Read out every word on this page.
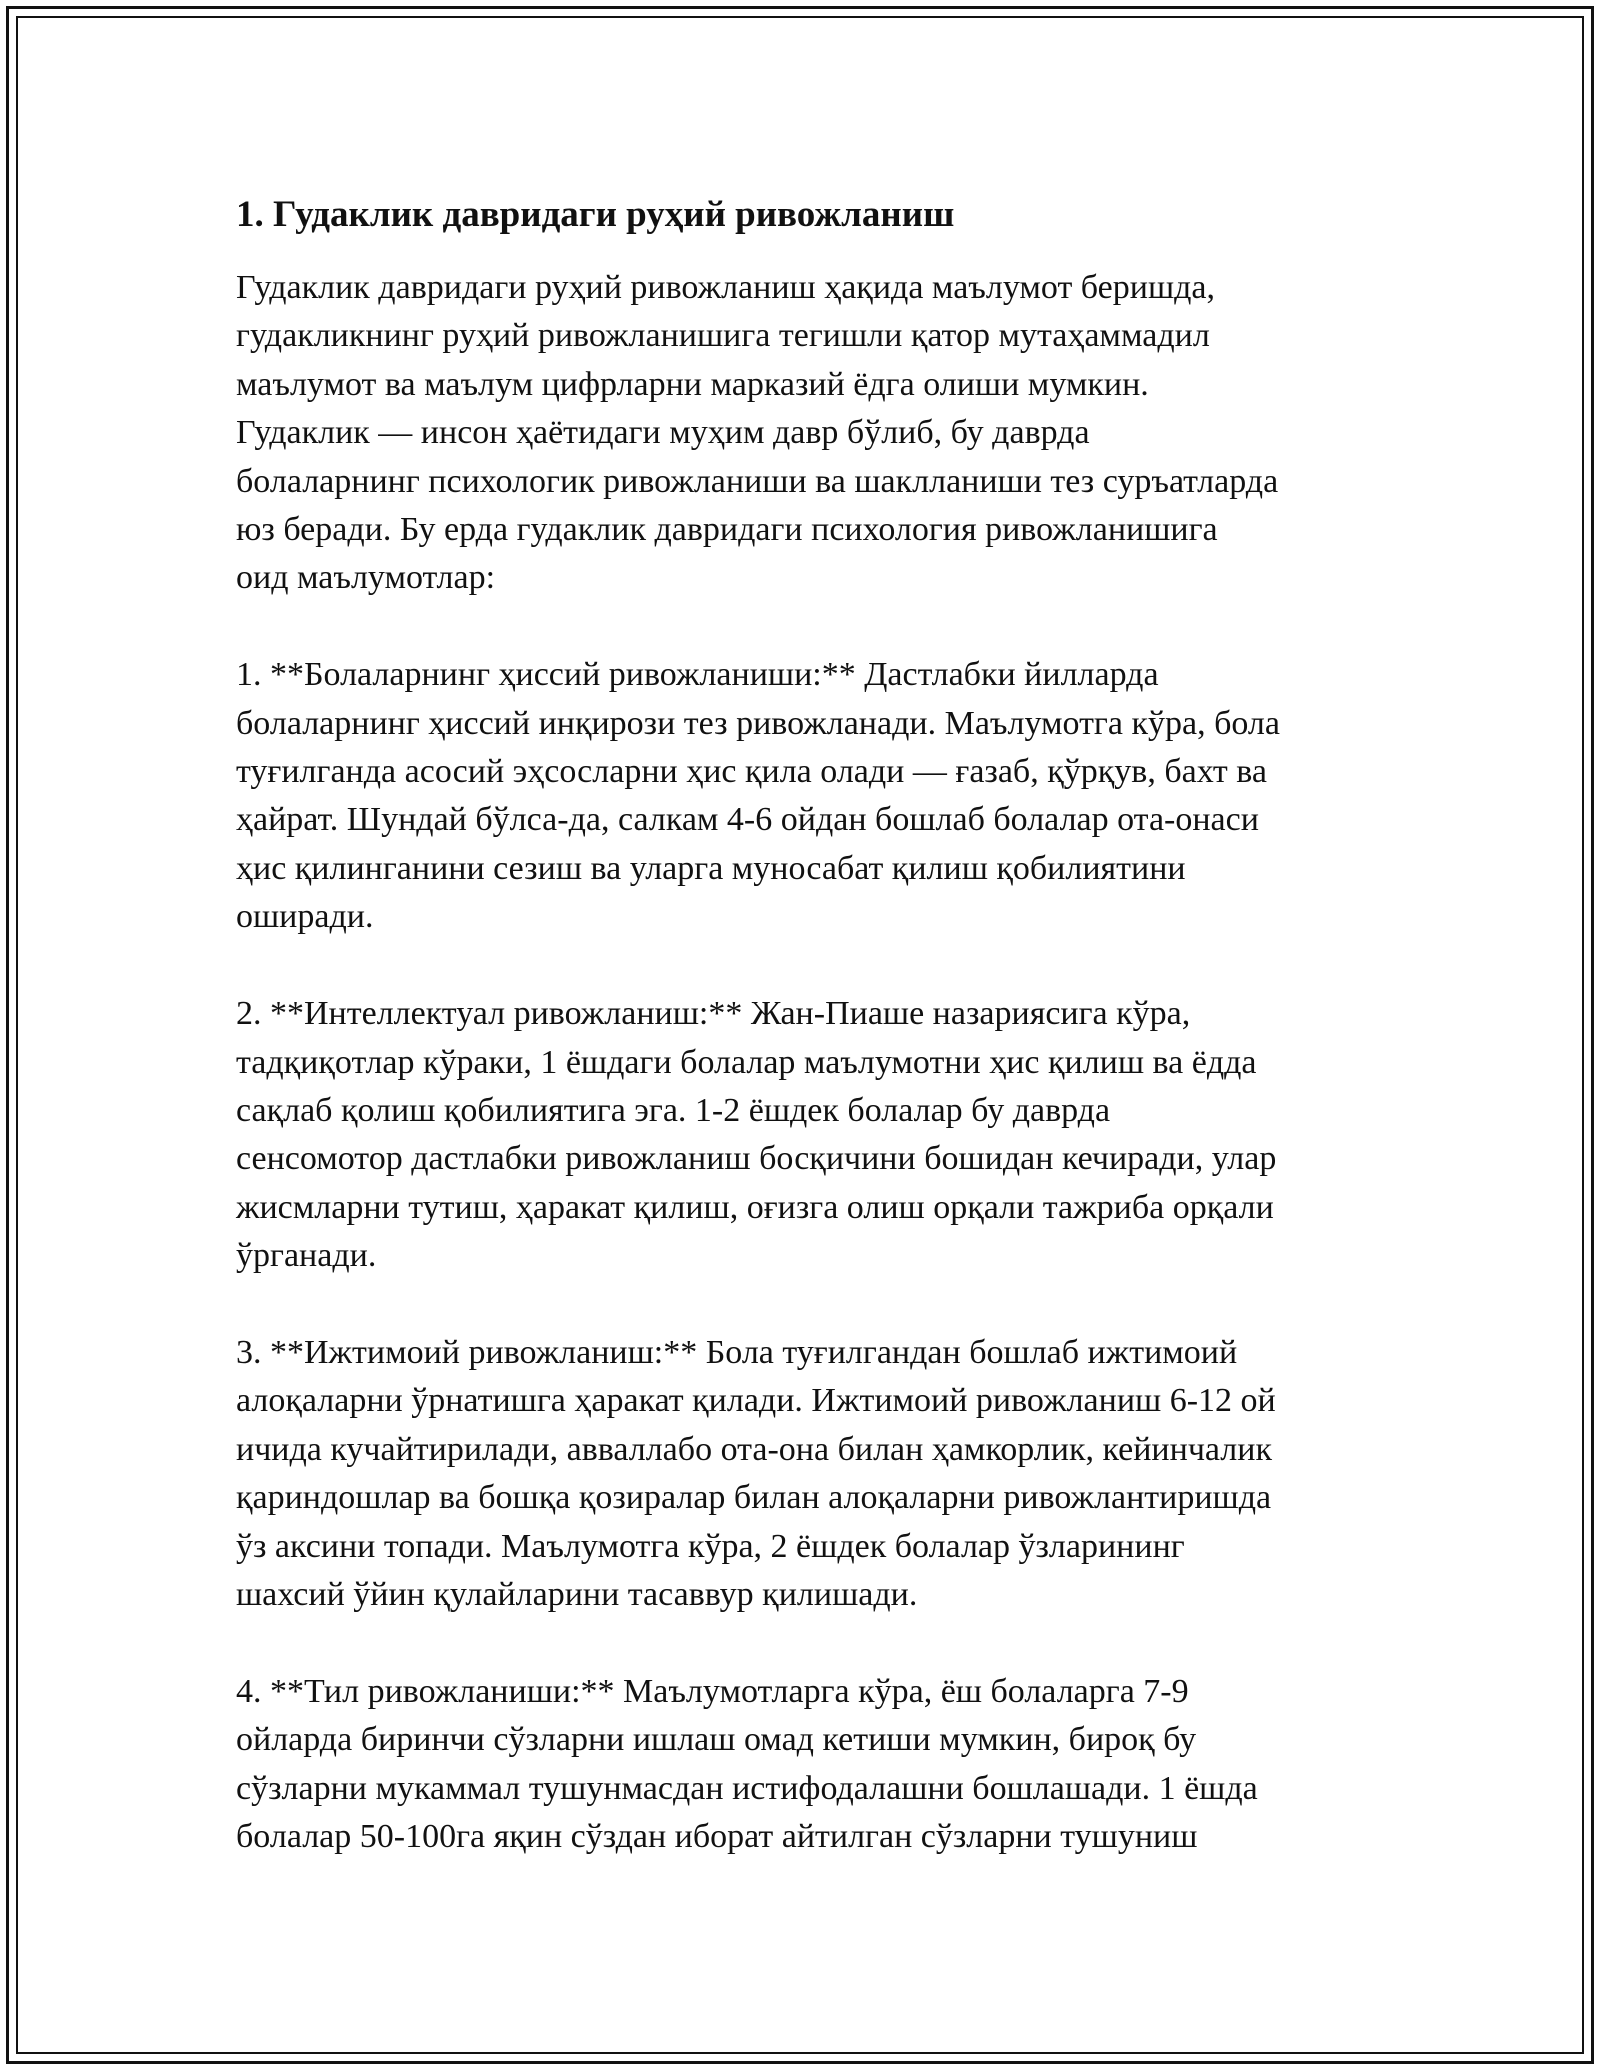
1. Гудаклик давридаги руҳий ривожланиш

Гудаклик давридаги руҳий ривожланиш ҳақида маълумот беришда,
гудакликнинг руҳий ривожланишига тегишли қатор мутаҳаммадил
маълумот ва маълум цифрларни марказий ёдга олиши мумкин.
Гудаклик — инсон ҳаётидаги муҳим давр бўлиб, бу даврда
болаларнинг психологик ривожланиши ва шаклланиши тез суръатларда
юз беради. Бу ерда гудаклик давридаги психология ривожланишига
оид маълумотлар:

1. **Болаларнинг ҳиссий ривожланиши:** Дастлабки йилларда
болаларнинг ҳиссий инқирози тез ривожланади. Маълумотга кўра, бола
туғилганда асосий эҳсосларни ҳис қила олади — ғазаб, қўрқув, бахт ва
ҳайрат. Шундай бўлса-да, салкам 4-6 ойдан бошлаб болалар ота-онаси
ҳис қилинганини сезиш ва уларга муносабат қилиш қобилиятини
оширади.

2. **Интеллектуал ривожланиш:** Жан-Пиаше назариясига кўра,
тадқиқотлар кўраки, 1 ёшдаги болалар маълумотни ҳис қилиш ва ёдда
сақлаб қолиш қобилиятига эга. 1-2 ёшдек болалар бу даврда
сенсомотор дастлабки ривожланиш босқичини бошидан кечиради, улар
жисмларни тутиш, ҳаракат қилиш, оғизга олиш орқали тажриба орқали
ўрганади.

3. **Ижтимоий ривожланиш:** Бола туғилгандан бошлаб ижтимоий
алоқаларни ўрнатишга ҳаракат қилади. Ижтимоий ривожланиш 6-12 ой
ичида кучайтирилади, авваллабо ота-она билан ҳамкорлик, кейинчалик
қариндошлар ва бошқа қозиралар билан алоқаларни ривожлантиришда
ўз аксини топади. Маълумотга кўра, 2 ёшдек болалар ўзларининг
шахсий ўйин қулайларини тасаввур қилишади.

4. **Тил ривожланиши:** Маълумотларга кўра, ёш болаларга 7-9
ойларда биринчи сўзларни ишлаш омад кетиши мумкин, бироқ бу
сўзларни мукаммал тушунмасдан истифодалашни бошлашади. 1 ёшда
болалар 50-100га яқин сўздан иборат айтилган сўзларни тушуниш
